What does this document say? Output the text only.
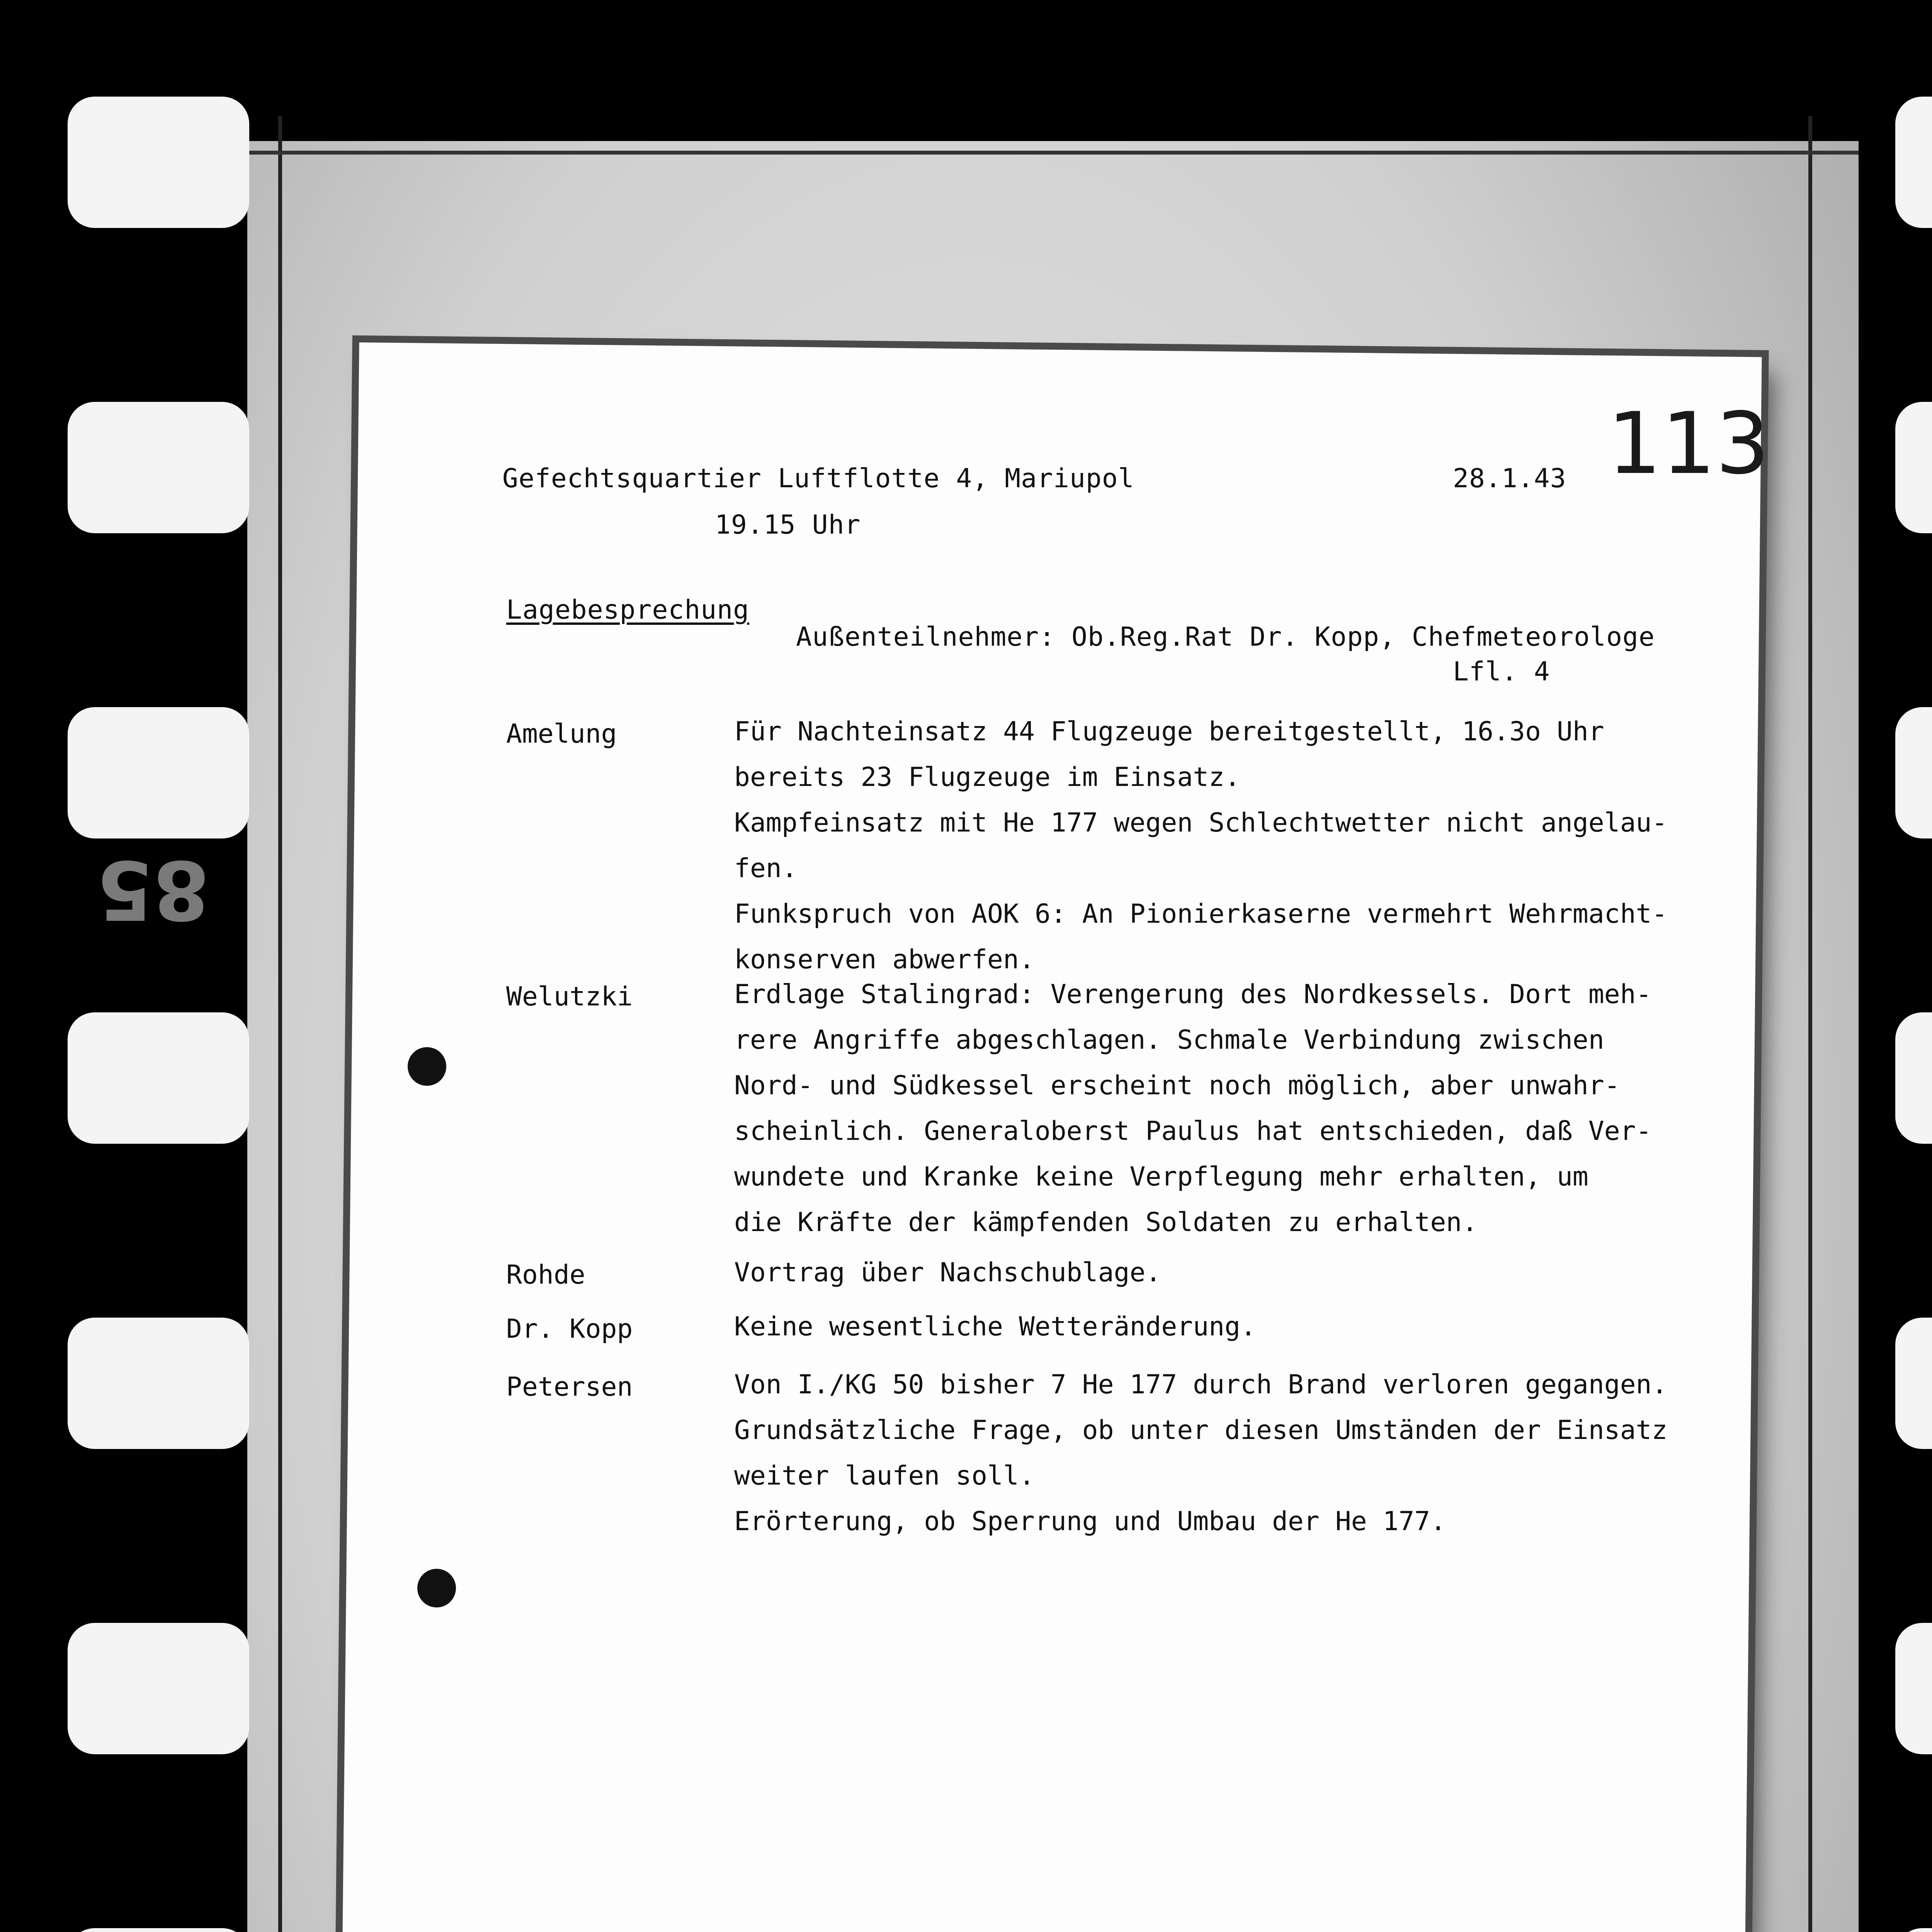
85
Gefechtsquartier Luftflotte 4, Mariupol
19.15 Uhr
28.1.43 113
Lagebesprechung
Außenteilnehmer: Ob.Reg.Rat Dr. Kopp, Chefmeteorologe
Lfl. 4
Amelung	Für Nachteinsatz 44 Flugzeuge bereitgestellt, 16.3o Uhr
bereits 23 Flugzeuge im Einsatz.
Kampfeinsatz mit He 177 wegen Schlechtwetter nicht angelau-
fen.
Funkspruch von AOK 6: An Pionierkaserne vermehrt Wehrmacht-
konserven abwerfen.
Welutzki	Erdlage Stalingrad: Verengerung des Nordkessels. Dort meh-
rere Angriffe abgeschlagen. Schmale Verbindung zwischen
Nord- und Südkessel erscheint noch möglich, aber unwahr-
scheinlich. Generaloberst Paulus hat entschieden, daß Ver-
wundete und Kranke keine Verpflegung mehr erhalten, um
die Kräfte der kämpfenden Soldaten zu erhalten.
Rohde	Vortrag über Nachschublage.
Dr. Kopp	Keine wesentliche Wetteränderung.
Petersen	Von I./KG 50 bisher 7 He 177 durch Brand verloren gegangen.
Grundsätzliche Frage, ob unter diesen Umständen der Einsatz
weiter laufen soll.
Erörterung, ob Sperrung und Umbau der He 177.
